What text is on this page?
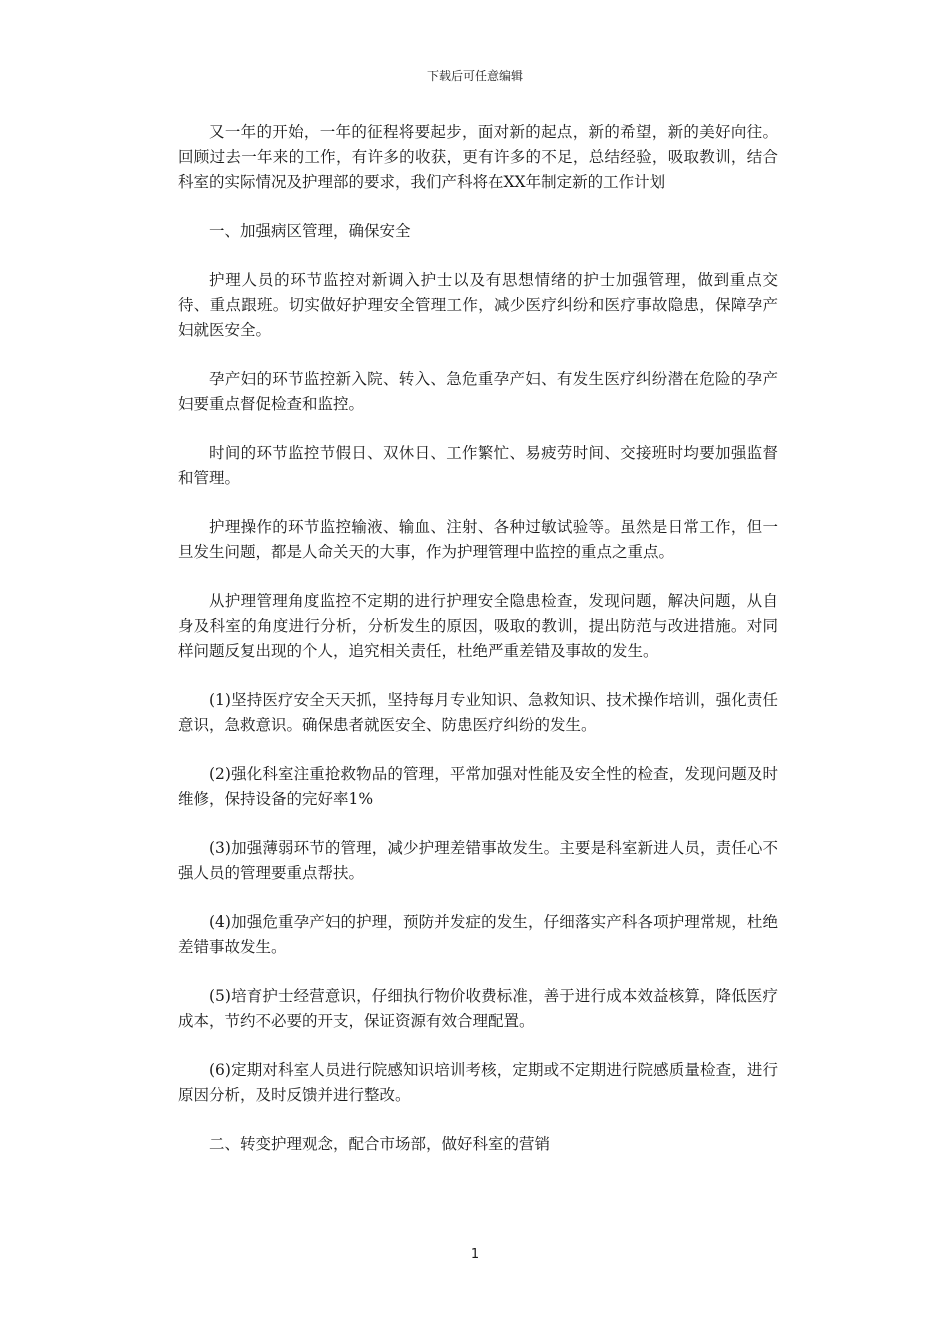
下载后可任意编辑

又一年的开始，一年的征程将要起步，面对新的起点，新的希望，新的美好向往。回顾过去一年来的工作，有许多的收获，更有许多的不足，总结经验，吸取教训，结合科室的实际情况及护理部的要求，我们产科将在XX年制定新的工作计划

一、加强病区管理，确保安全

护理人员的环节监控对新调入护士以及有思想情绪的护士加强管理，做到重点交待、重点跟班。切实做好护理安全管理工作，减少医疗纠纷和医疗事故隐患，保障孕产妇就医安全。

孕产妇的环节监控新入院、转入、急危重孕产妇、有发生医疗纠纷潜在危险的孕产妇要重点督促检查和监控。

时间的环节监控节假日、双休日、工作繁忙、易疲劳时间、交接班时均要加强监督和管理。

护理操作的环节监控输液、输血、注射、各种过敏试验等。虽然是日常工作，但一旦发生问题，都是人命关天的大事，作为护理管理中监控的重点之重点。

从护理管理角度监控不定期的进行护理安全隐患检查，发现问题，解决问题，从自身及科室的角度进行分析，分析发生的原因，吸取的教训，提出防范与改进措施。对同样问题反复出现的个人，追究相关责任，杜绝严重差错及事故的发生。

(1)坚持医疗安全天天抓，坚持每月专业知识、急救知识、技术操作培训，强化责任意识，急救意识。确保患者就医安全、防患医疗纠纷的发生。

(2)强化科室注重抢救物品的管理，平常加强对性能及安全性的检查，发现问题及时维修，保持设备的完好率1%

(3)加强薄弱环节的管理，减少护理差错事故发生。主要是科室新进人员，责任心不强人员的管理要重点帮扶。

(4)加强危重孕产妇的护理，预防并发症的发生，仔细落实产科各项护理常规，杜绝差错事故发生。

(5)培育护士经营意识，仔细执行物价收费标准，善于进行成本效益核算，降低医疗成本，节约不必要的开支，保证资源有效合理配置。

(6)定期对科室人员进行院感知识培训考核，定期或不定期进行院感质量检查，进行原因分析，及时反馈并进行整改。

二、转变护理观念，配合市场部，做好科室的营销

1
